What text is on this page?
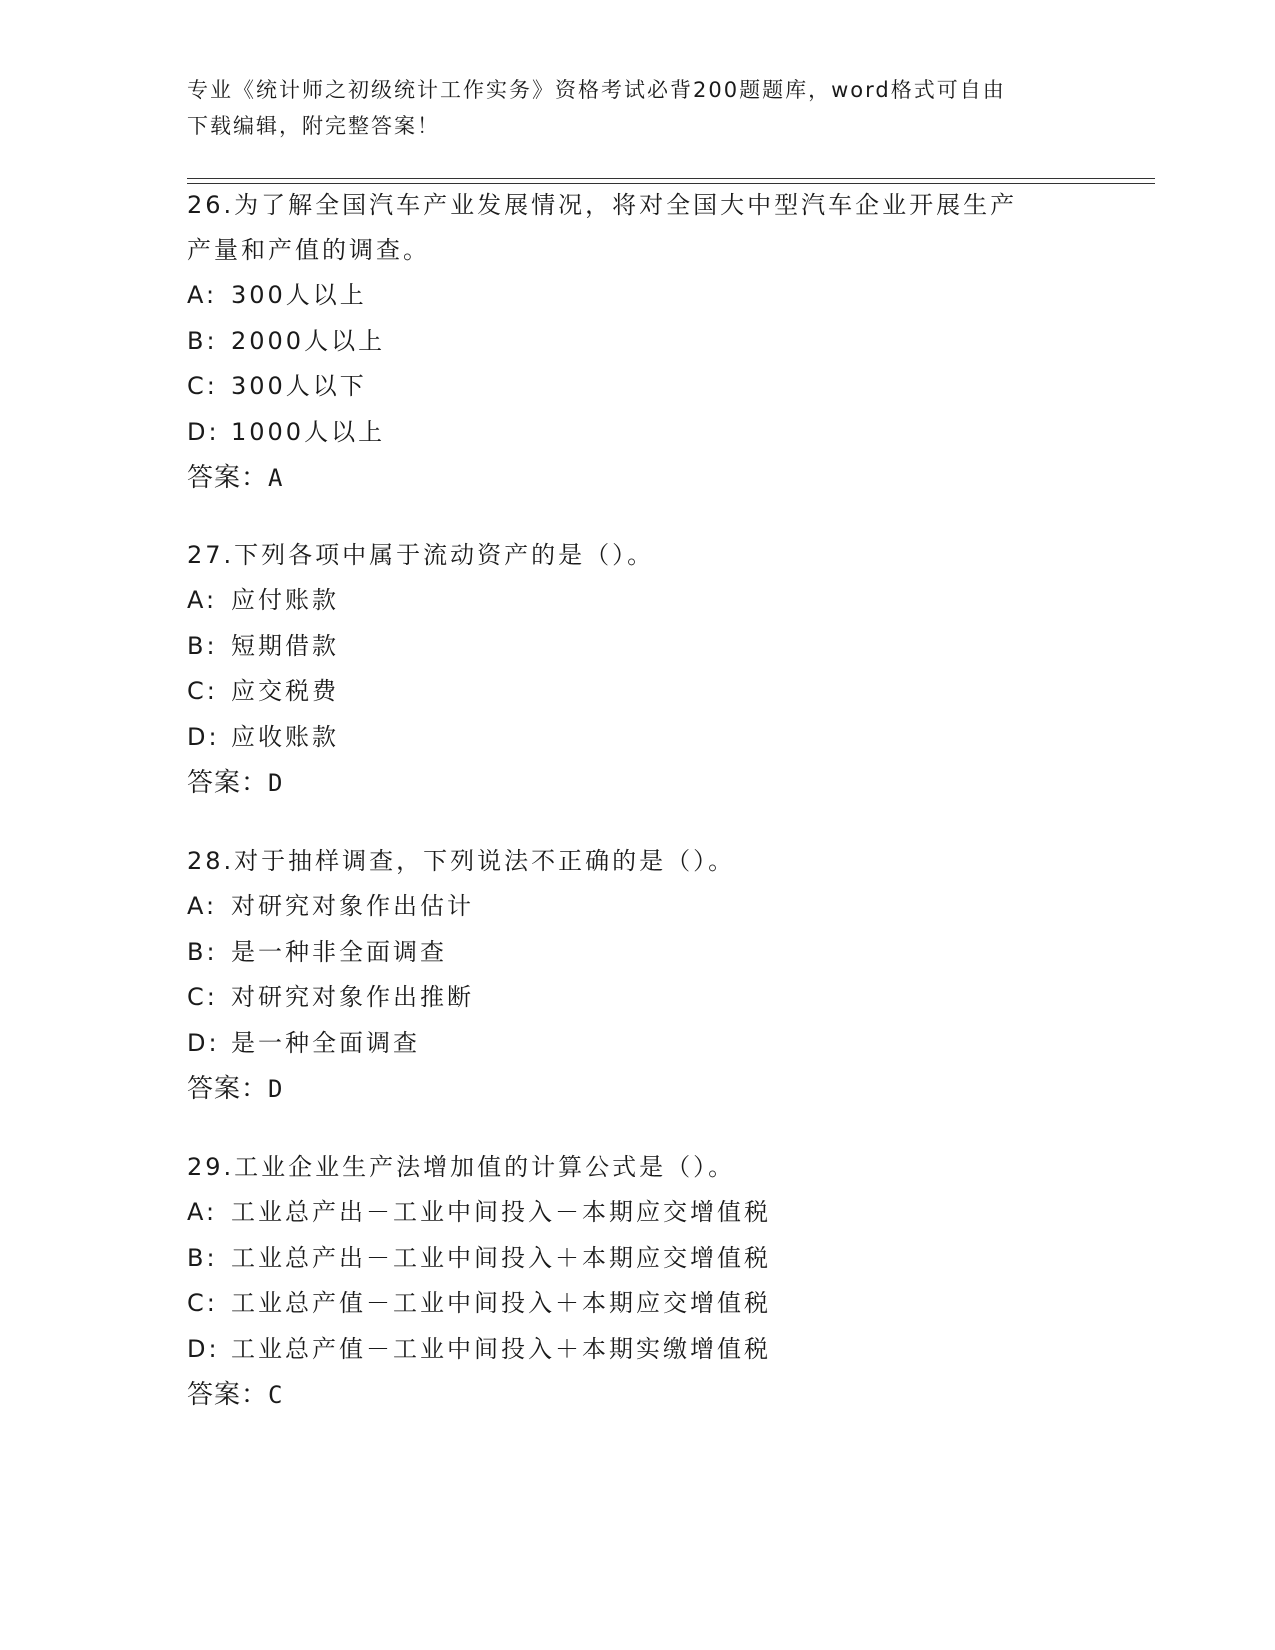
专业《统计师之初级统计工作实务》资格考试必背200题题库，word格式可自由
下载编辑，附完整答案！

26.为了解全国汽车产业发展情况，将对全国大中型汽车企业开展生产

产量和产值的调查。

A: 300人以上

B: 2000人以上

C: 300人以下

D: 1000人以上

答案：A

27.下列各项中属于流动资产的是（）。

A: 应付账款

B: 短期借款

C: 应交税费

D: 应收账款

答案：D

28.对于抽样调查，下列说法不正确的是（）。

A: 对研究对象作出估计

B: 是一种非全面调查

C: 对研究对象作出推断

D: 是一种全面调查

答案：D

29.工业企业生产法增加值的计算公式是（）。

A: 工业总产出－工业中间投入－本期应交增值税

B: 工业总产出－工业中间投入＋本期应交增值税

C: 工业总产值－工业中间投入＋本期应交增值税

D: 工业总产值－工业中间投入＋本期实缴增值税

答案：C
